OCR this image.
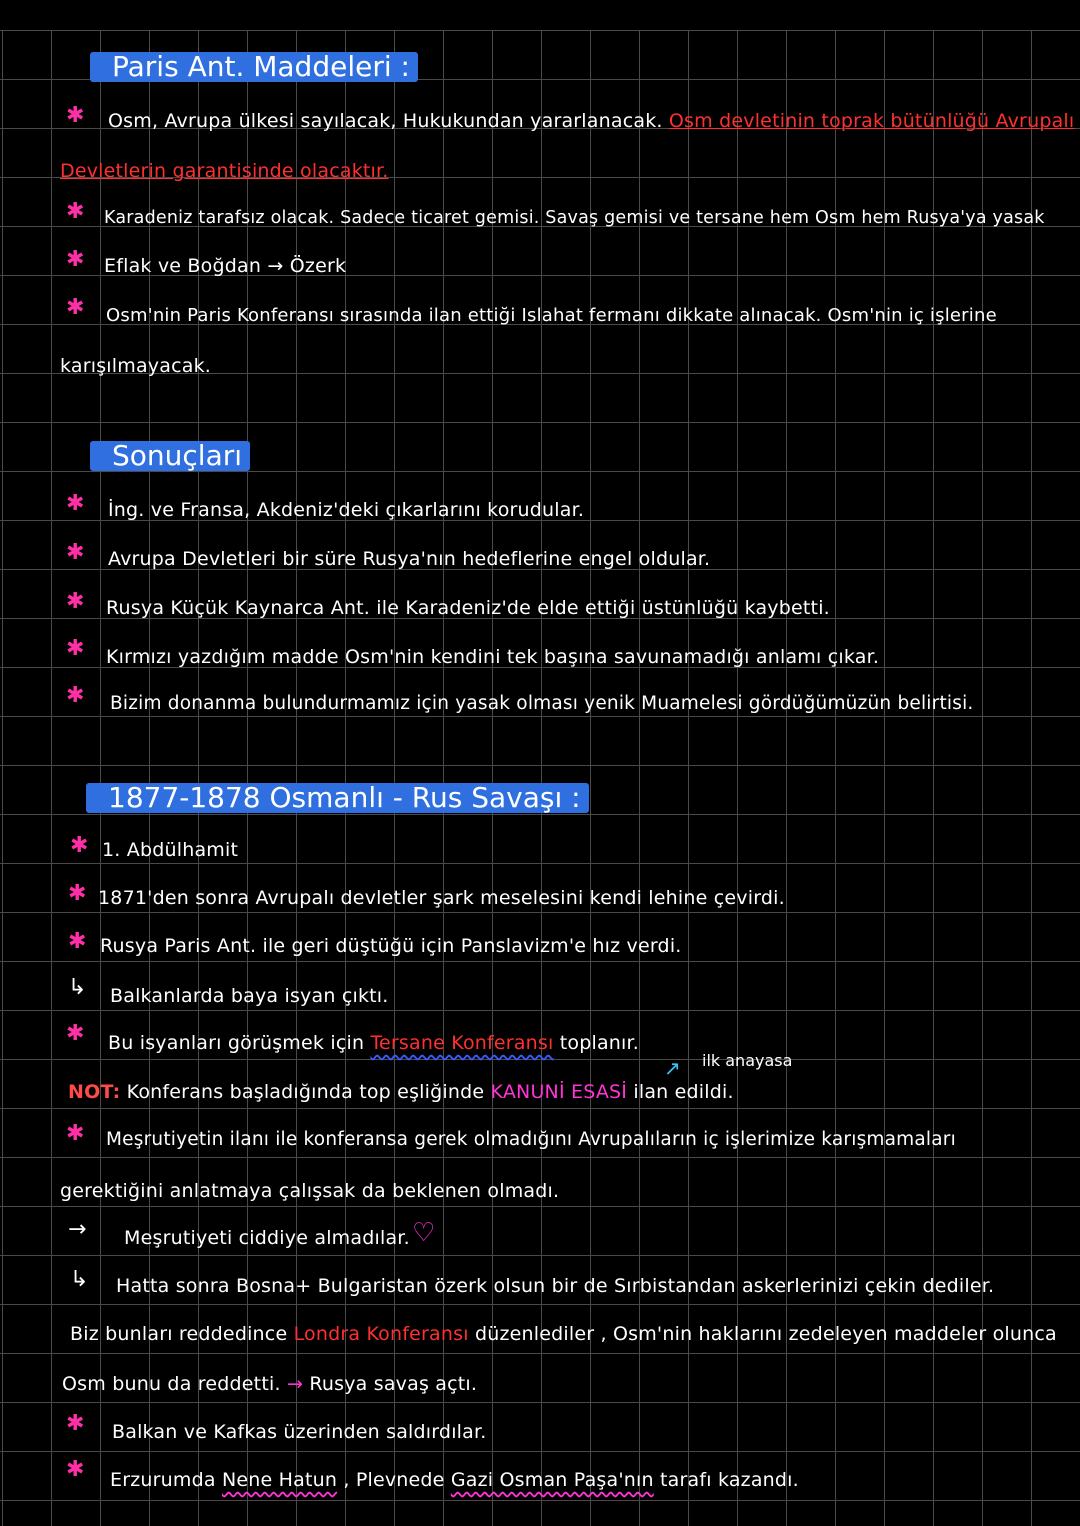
Paris Ant. Maddeleri :
✱ Osm, Avrupa ülkesi sayılacak, Hukukundan yararlanacak. Osm devletinin toprak bütünlüğü Avrupalı
Devletlerin garantisinde olacaktır.
✱ Karadeniz tarafsız olacak. Sadece ticaret gemisi. Savaş gemisi ve tersane hem Osm hem Rusya'ya yasak
✱ Eflak ve Boğdan → Özerk
✱ Osm'nin Paris Konferansı sırasında ilan ettiği Islahat fermanı dikkate alınacak. Osm'nin iç işlerine
karışılmayacak.
Sonuçları
✱ İng. ve Fransa, Akdeniz'deki çıkarlarını korudular.
✱ Avrupa Devletleri bir süre Rusya'nın hedeflerine engel oldular.
✱ Rusya Küçük Kaynarca Ant. ile Karadeniz'de elde ettiği üstünlüğü kaybetti.
✱ Kırmızı yazdığım madde Osm'nin kendini tek başına savunamadığı anlamı çıkar.
✱ Bizim donanma bulundurmamız için yasak olması yenik Muamelesi gördüğümüzün belirtisi.
1877-1878 Osmanlı - Rus Savaşı :
✱ 1. Abdülhamit
✱ 1871'den sonra Avrupalı devletler şark meselesini kendi lehine çevirdi.
✱ Rusya Paris Ant. ile geri düştüğü için Panslavizm'e hız verdi.
↳ Balkanlarda baya isyan çıktı.
✱ Bu isyanları görüşmek için Tersane Konferansı toplanır.
↗ ilk anayasa
NOT: Konferans başladığında top eşliğinde KANUNİ ESASİ ilan edildi.
✱ Meşrutiyetin ilanı ile konferansa gerek olmadığını Avrupalıların iç işlerimize karışmamaları
gerektiğini anlatmaya çalışsak da beklenen olmadı.
→ Meşrutiyeti ciddiye almadılar. ♡
↳ Hatta sonra Bosna+ Bulgaristan özerk olsun bir de Sırbistandan askerlerinizi çekin dediler.
Biz bunları reddedince Londra Konferansı düzenlediler , Osm'nin haklarını zedeleyen maddeler olunca
Osm bunu da reddetti. → Rusya savaş açtı.
✱ Balkan ve Kafkas üzerinden saldırdılar.
✱ Erzurumda Nene Hatun , Plevnede Gazi Osman Paşa'nın tarafı kazandı.
